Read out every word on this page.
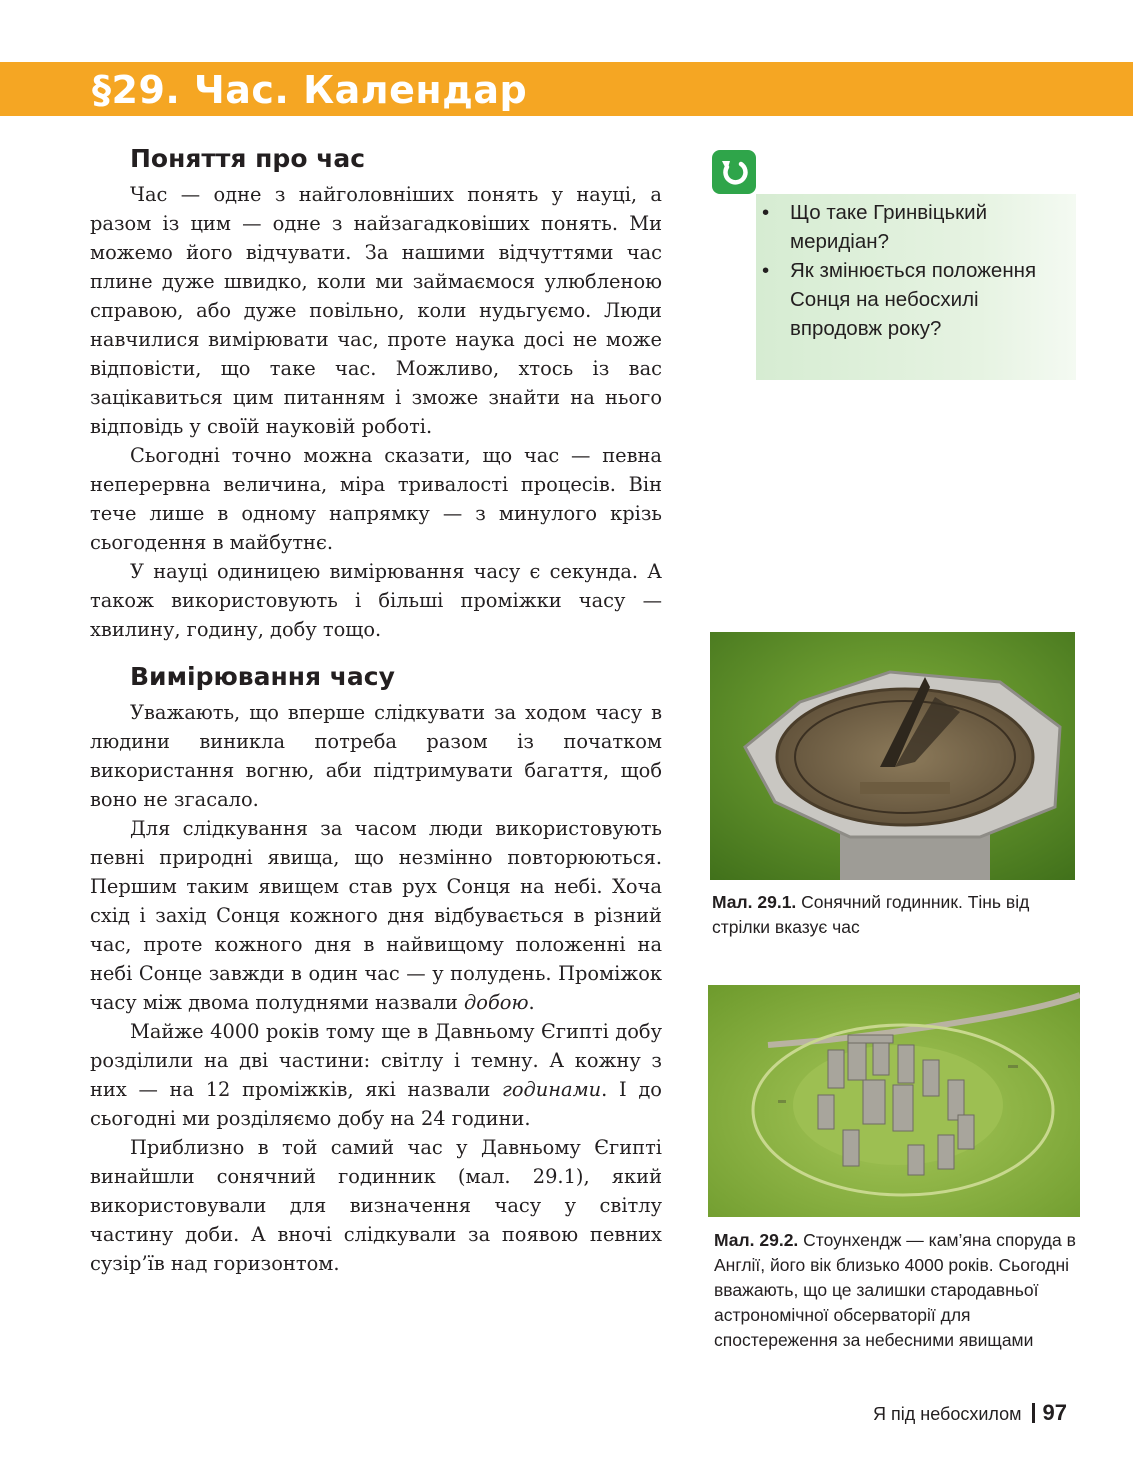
§29. Час. Календар
Поняття про час

Час — одне з найголовніших понять у науці, а разом із цим — одне з найзагадковіших понять. Ми можемо його відчувати. За нашими відчуттями час плине дуже швидко, коли ми займаємося улюбленою справою, або дуже повільно, коли нудьгуємо. Люди навчилися вимірювати час, проте наука досі не може відповісти, що таке час. Можливо, хтось із вас зацікавиться цим питанням і зможе знайти на нього відповідь у своїй науковій роботі.

Сьогодні точно можна сказати, що час — певна неперервна величина, міра тривалості процесів. Він тече лише в одному напрямку — з минулого крізь сьогодення в майбутнє.

У науці одиницею вимірювання часу є секунда. А також використовують і більші проміжки часу — хвилину, годину, добу тощо.

Вимірювання часу

Уважають, що вперше слідкувати за ходом часу в людини виникла потреба разом із початком використання вогню, аби підтримувати багаття, щоб воно не згасало.

Для слідкування за часом люди використовують певні природні явища, що незмінно повторюються. Першим таким явищем став рух Сонця на небі. Хоча схід і захід Сонця кожного дня відбувається в різний час, проте кожного дня в найвищому положенні на небі Сонце завжди в один час — у полудень. Проміжок часу між двома полуднями назвали добою.

Майже 4000 років тому ще в Давньому Єгипті добу розділили на дві частини: світлу і темну. А кожну з них — на 12 проміжків, які назвали годинами. І до сьогодні ми розділяємо добу на 24 години.

Приблизно в той самий час у Давньому Єгипті винайшли сонячний годинник (мал. 29.1), який використовували для визначення часу у світлу частину доби. А вночі слідкували за появою певних сузір’їв над горизонтом.

• Що таке Гринвіцький меридіан?
• Як змінюється положення Сонця на небосхилі впродовж року?
Мал. 29.1. Сонячний годинник. Тінь від стрілки вказує час
Мал. 29.2. Стоунхендж — кам’яна споруда в Англії, його вік близько 4000 років. Сьогодні вважають, що це залишки стародавньої астрономічної обсерваторії для спостереження за небесними явищами
Я під небосхилом 97
